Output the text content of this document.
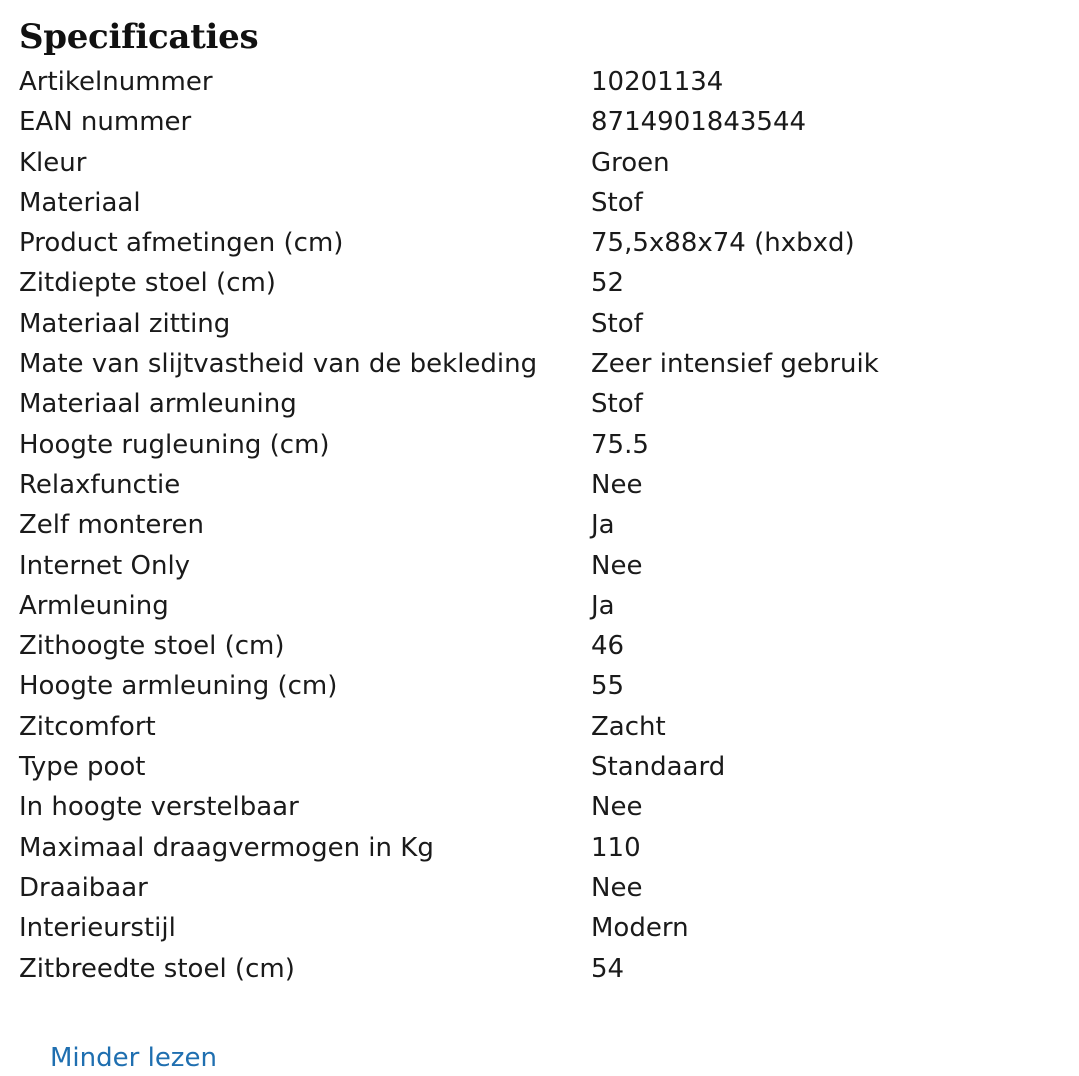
Specificaties
Artikelnummer	10201134
EAN nummer	8714901843544
Kleur	Groen
Materiaal	Stof
Product afmetingen (cm)	75,5x88x74 (hxbxd)
Zitdiepte stoel (cm)	52
Materiaal zitting	Stof
Mate van slijtvastheid van de bekleding	Zeer intensief gebruik
Materiaal armleuning	Stof
Hoogte rugleuning (cm)	75.5
Relaxfunctie	Nee
Zelf monteren	Ja
Internet Only	Nee
Armleuning	Ja
Zithoogte stoel (cm)	46
Hoogte armleuning (cm)	55
Zitcomfort	Zacht
Type poot	Standaard
In hoogte verstelbaar	Nee
Maximaal draagvermogen in Kg	110
Draaibaar	Nee
Interieurstijl	Modern
Zitbreedte stoel (cm)	54
Minder lezen
